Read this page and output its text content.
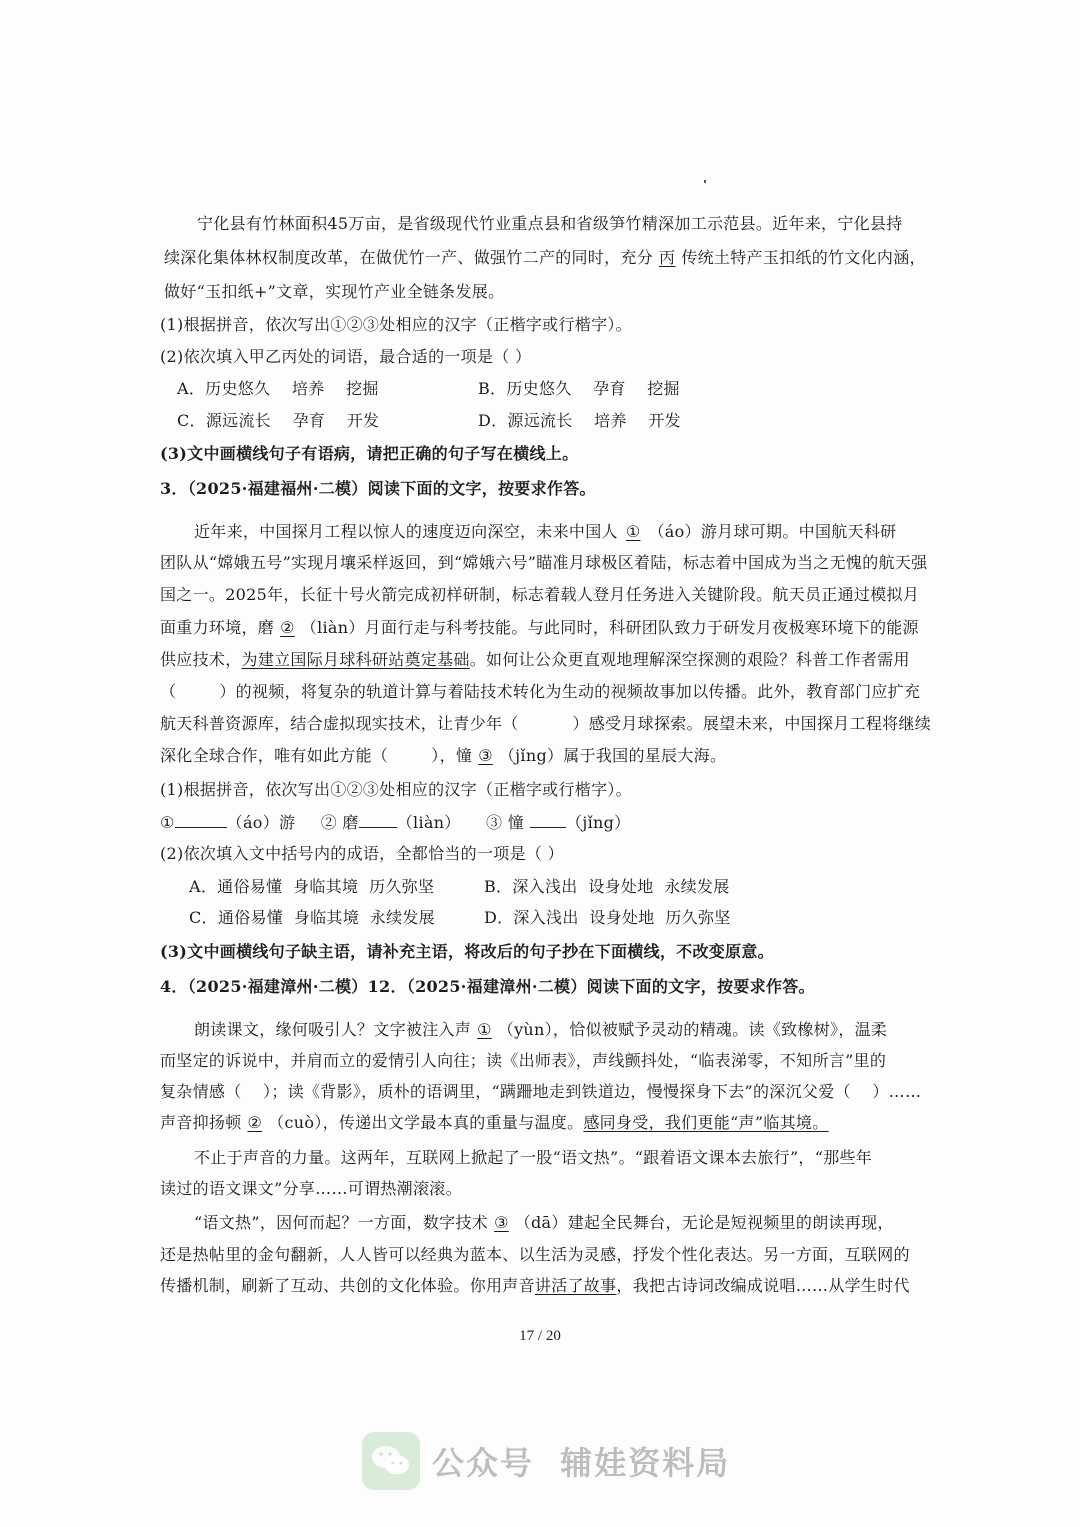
宁化县有竹林面积45万亩，是省级现代竹业重点县和省级笋竹精深加工示范县。近年来，宁化县持
续深化集体林权制度改革，在做优竹一产、做强竹二产的同时，充分 丙 传统土特产玉扣纸的竹文化内涵，
做好“玉扣纸+”文章，实现竹产业全链条发展。
(1)根据拼音，依次写出①②③处相应的汉字（正楷字或行楷字）。
(2)依次填入甲乙丙处的词语，最合适的一项是（ ）
A．历史悠久    培养    挖掘	B．历史悠久    孕育    挖掘
C．源远流长    孕育    开发	D．源远流长    培养    开发
(3)文中画横线句子有语病，请把正确的句子写在横线上。
3．（2025·福建福州·二模）阅读下面的文字，按要求作答。
近年来，中国探月工程以惊人的速度迈向深空，未来中国人 ① （áo）游月球可期。中国航天科研
团队从“嫦娥五号”实现月壤采样返回，到“嫦娥六号”瞄准月球极区着陆，标志着中国成为当之无愧的航天强
国之一。2025年，长征十号火箭完成初样研制，标志着载人登月任务进入关键阶段。航天员正通过模拟月
面重力环境，磨 ② （liàn）月面行走与科考技能。与此同时，科研团队致力于研发月夜极寒环境下的能源
供应技术，为建立国际月球科研站奠定基础。如何让公众更直观地理解深空探测的艰险？科普工作者需用
（        ）的视频，将复杂的轨道计算与着陆技术转化为生动的视频故事加以传播。此外，教育部门应扩充
航天科普资源库，结合虚拟现实技术，让青少年（          ）感受月球探索。展望未来，中国探月工程将继续
深化全球合作，唯有如此方能（        ），憧 ③ （jǐng）属于我国的星辰大海。
(1)根据拼音，依次写出①②③处相应的汉字（正楷字或行楷字）。
①	（áo）游 ② 磨 （liàn） ③ 憧	（jǐng）
(2)依次填入文中括号内的成语，全都恰当的一项是（ ）
A．通俗易懂  身临其境  历久弥坚	B．深入浅出  设身处地  永续发展
C．通俗易懂  身临其境  永续发展	D．深入浅出  设身处地  历久弥坚
(3)文中画横线句子缺主语，请补充主语，将改后的句子抄在下面横线，不改变原意。
4．（2025·福建漳州·二模）12．（2025·福建漳州·二模）阅读下面的文字，按要求作答。
朗读课文，缘何吸引人？文字被注入声 ① （yùn），恰似被赋予灵动的精魂。读《致橡树》，温柔
而坚定的诉说中，并肩而立的爱情引人向往；读《出师表》，声线颤抖处，“临表涕零，不知所言”里的
复杂情感（    ）；读《背影》，质朴的语调里，“蹒跚地走到铁道边，慢慢探身下去”的深沉父爱（    ）……
声音抑扬顿 ② （cuò），传递出文学最本真的重量与温度。感同身受，我们更能“声”临其境。
不止于声音的力量。这两年，互联网上掀起了一股“语文热”。“跟着语文课本去旅行”，“那些年
读过的语文课文”分享……可谓热潮滚滚。
“语文热”，因何而起？一方面，数字技术 ③ （dā）建起全民舞台，无论是短视频里的朗读再现，
还是热帖里的金句翻新，人人皆可以经典为蓝本、以生活为灵感，抒发个性化表达。另一方面，互联网的
传播机制，刷新了互动、共创的文化体验。你用声音讲活了故事，我把古诗词改编成说唱……从学生时代
17 / 20
公众号 辅娃资料局
